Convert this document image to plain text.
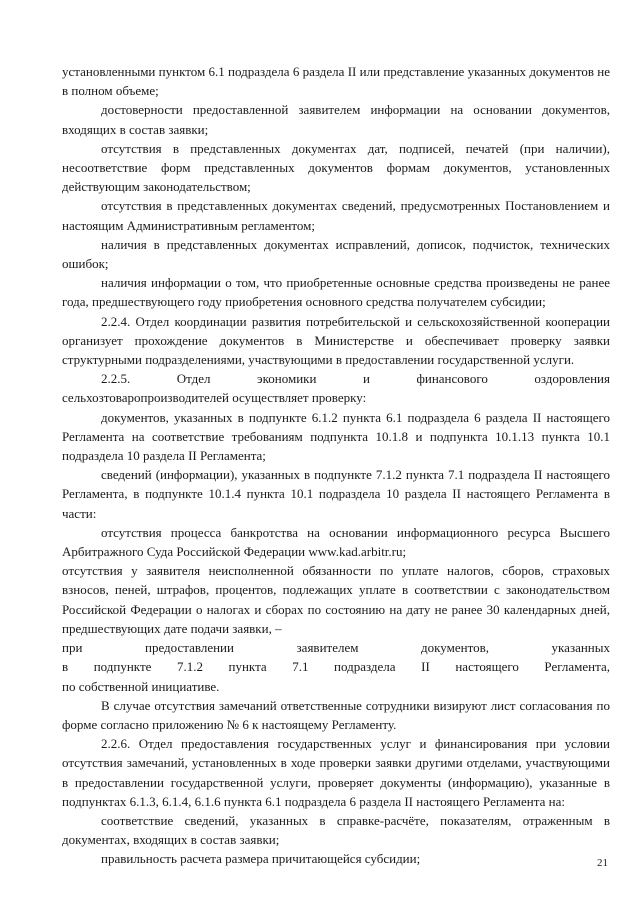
установленными пунктом 6.1 подраздела 6 раздела II или представление указанных документов не в полном объеме;

достоверности предоставленной заявителем информации на основании документов, входящих в состав заявки;

отсутствия в представленных документах дат, подписей, печатей (при наличии), несоответствие форм представленных документов формам документов, установленных действующим законодательством;

отсутствия в представленных документах сведений, предусмотренных Постановлением и настоящим Административным регламентом;

наличия в представленных документах исправлений, дописок, подчисток, технических ошибок;

наличия информации о том, что приобретенные основные средства произведены не ранее года, предшествующего году приобретения основного средства получателем субсидии;

2.2.4. Отдел координации развития потребительской и сельскохозяйственной кооперации организует прохождение документов в Министерстве и обеспечивает проверку заявки структурными подразделениями, участвующими в предоставлении государственной услуги.

2.2.5. Отдел экономики и финансового оздоровления

сельхозтоваропроизводителей осуществляет проверку:

документов, указанных в подпункте 6.1.2 пункта 6.1 подраздела 6 раздела II настоящего Регламента на соответствие требованиям подпункта 10.1.8 и подпункта 10.1.13 пункта 10.1 подраздела 10 раздела II Регламента;

сведений (информации), указанных в подпункте 7.1.2 пункта 7.1 подраздела II настоящего Регламента, в подпункте 10.1.4 пункта 10.1 подраздела 10 раздела II настоящего Регламента в части:

отсутствия процесса банкротства на основании информационного ресурса Высшего Арбитражного Суда Российской Федерации www.kad.arbitr.ru;

отсутствия у заявителя неисполненной обязанности по уплате налогов, сборов, страховых взносов, пеней, штрафов, процентов, подлежащих уплате в соответствии с законодательством Российской Федерации о налогах и сборах по состоянию на дату не ранее 30 календарных дней, предшествующих дате подачи заявки, –

при предоставлении заявителем документов, указанных

в подпункте 7.1.2 пункта 7.1 подраздела II настоящего Регламента,

по собственной инициативе.

В случае отсутствия замечаний ответственные сотрудники визируют лист согласования по форме согласно приложению № 6 к настоящему Регламенту.

2.2.6. Отдел предоставления государственных услуг и финансирования при условии отсутствия замечаний, установленных в ходе проверки заявки другими отделами, участвующими в предоставлении государственной услуги, проверяет документы (информацию), указанные в подпунктах 6.1.3, 6.1.4, 6.1.6 пункта 6.1 подраздела 6 раздела II настоящего Регламента на:

соответствие сведений, указанных в справке-расчёте, показателям, отраженным в документах, входящих в состав заявки;

правильность расчета размера причитающейся субсидии;	21
